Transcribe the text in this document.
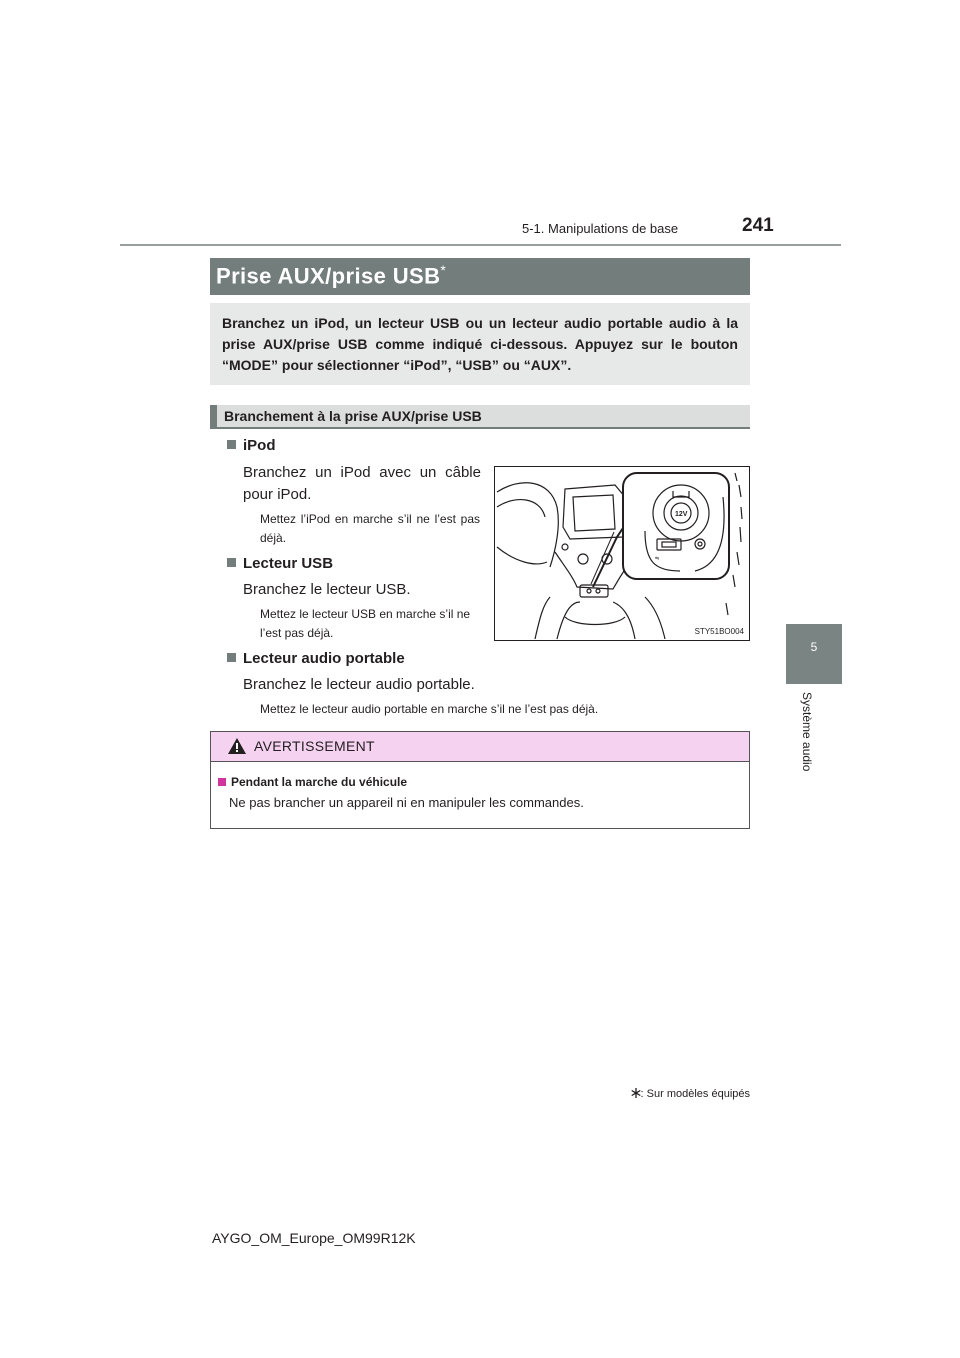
5-1. Manipulations de base	241
5
Système audio
Prise AUX/prise USB*
Branchez un iPod, un lecteur USB ou un lecteur audio portable audio à la prise AUX/prise USB comme indiqué ci-dessous. Appuyez sur le bouton “MODE” pour sélectionner “iPod”, “USB” ou “AUX”.
Branchement à la prise AUX/prise USB
iPod
Branchez un iPod avec un câble pour iPod.
Mettez l’iPod en marche s’il ne l’est pas déjà.
Lecteur USB
Branchez le lecteur USB.
Mettez le lecteur USB en marche s’il ne l’est pas déjà.
Lecteur audio portable
Branchez le lecteur audio portable.
Mettez le lecteur audio portable en marche s’il ne l’est pas déjà.
12V
⇋
STY51BO004
AVERTISSEMENT
Pendant la marche du véhicule
Ne pas brancher un appareil ni en manipuler les commandes.
: Sur modèles équipés
AYGO_OM_Europe_OM99R12K
